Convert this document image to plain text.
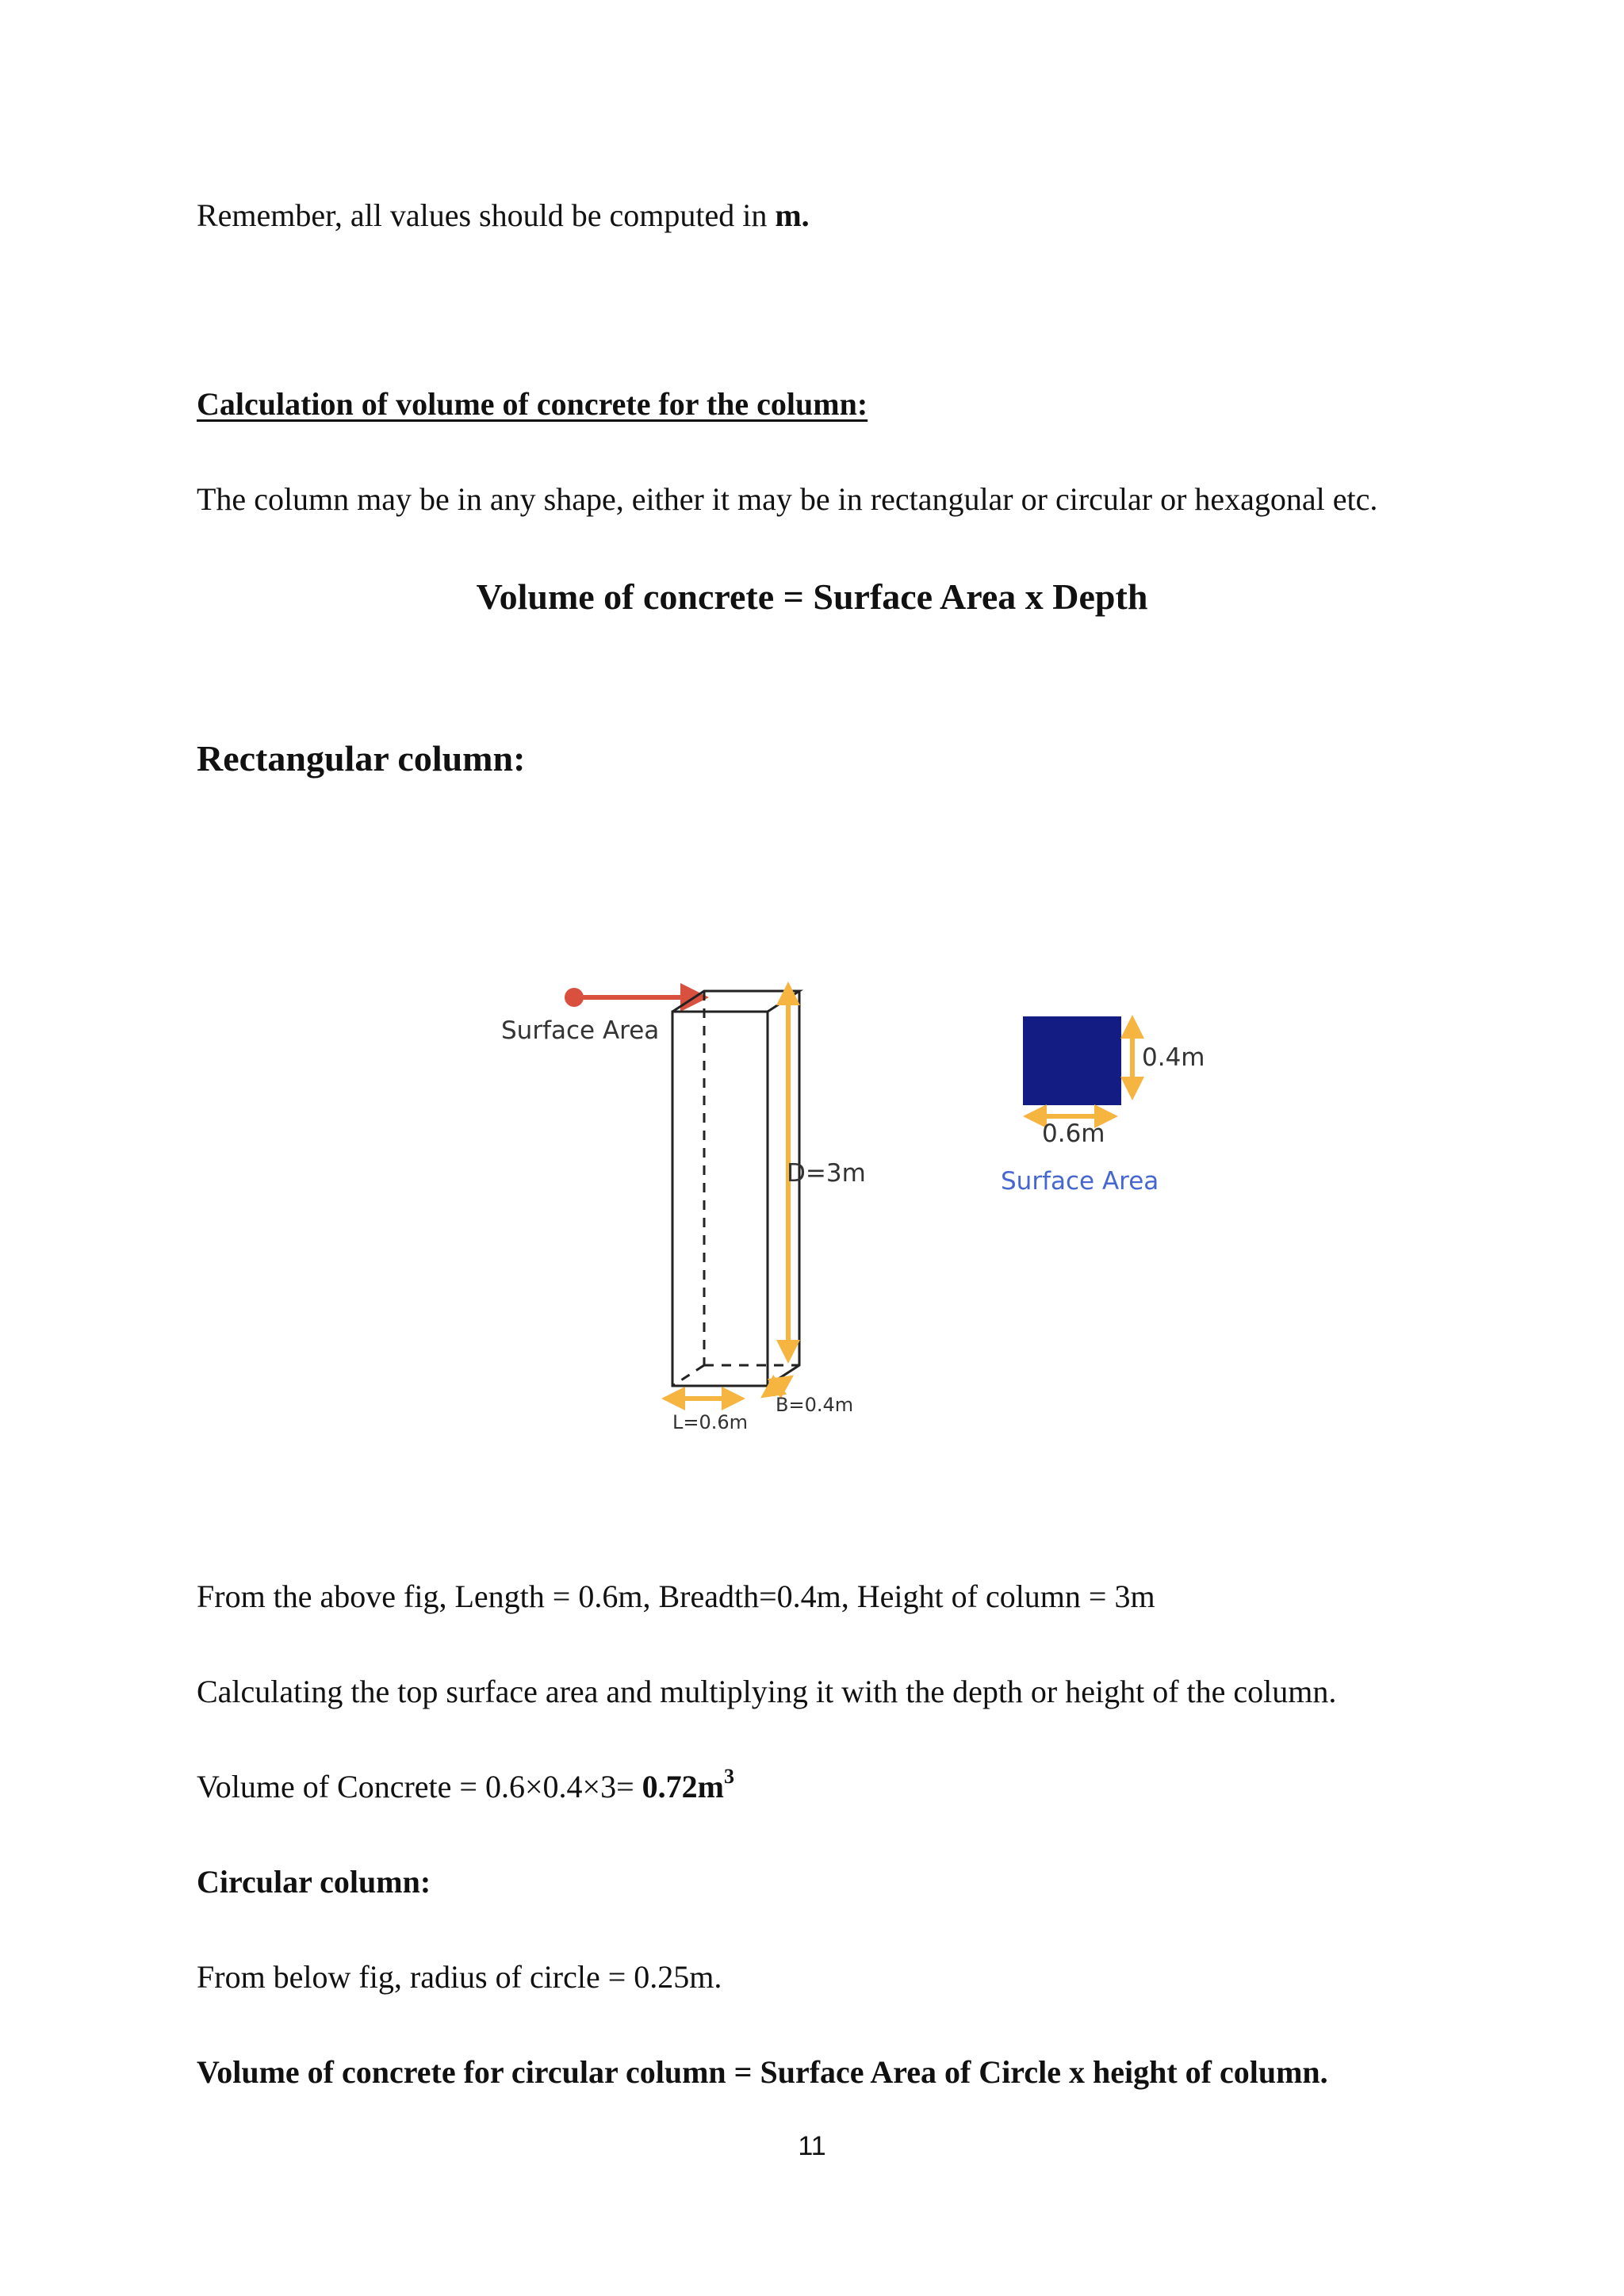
Remember, all values should be computed in m.
Calculation of volume of concrete for the column:
The column may be in any shape, either it may be in rectangular or circular or hexagonal etc.
Volume of concrete = Surface Area x Depth
Rectangular column:
Surface Area
D=3m
L=0.6m
B=0.4m
0.4m
0.6m
Surface Area
From the above fig, Length = 0.6m, Breadth=0.4m, Height of column = 3m
Calculating the top surface area and multiplying it with the depth or height of the column.
Volume of Concrete = $0.6\times 0.4\times 3= 0.72m^3$
Circular column:
From below fig, radius of circle = 0.25m.
Volume of concrete for circular column = Surface Area of Circle x height of column.
11
